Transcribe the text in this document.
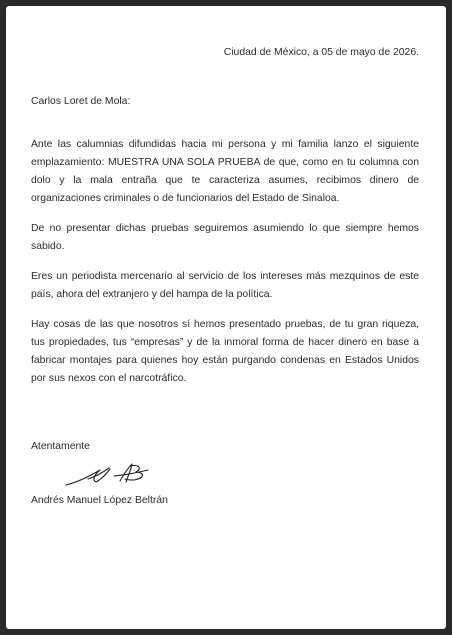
Ciudad de México, a 05 de mayo de 2026.
Carlos Loret de Mola:

Ante las calumnias difundidas hacia mi persona y mi familia lanzo el siguiente emplazamiento: MUESTRA UNA SOLA PRUEBA de que, como en tu columna con dolo y la mala entraña que te caracteriza asumes, recibimos dinero de organizaciones criminales o de funcionarios del Estado de Sinaloa.

De no presentar dichas pruebas seguiremos asumiendo lo que siempre hemos sabido.

Eres un periodista mercenario al servicio de los intereses más mezquinos de este país, ahora del extranjero y del hampa de la política.

Hay cosas de las que nosotros sí hemos presentado pruebas, de tu gran riqueza, tus propiedades, tus “empresas” y de la inmoral forma de hacer dinero en base a fabricar montajes para quienes hoy están purgando condenas en Estados Unidos por sus nexos con el narcotráfico.

Atentamente
Andrés Manuel López Beltrán
